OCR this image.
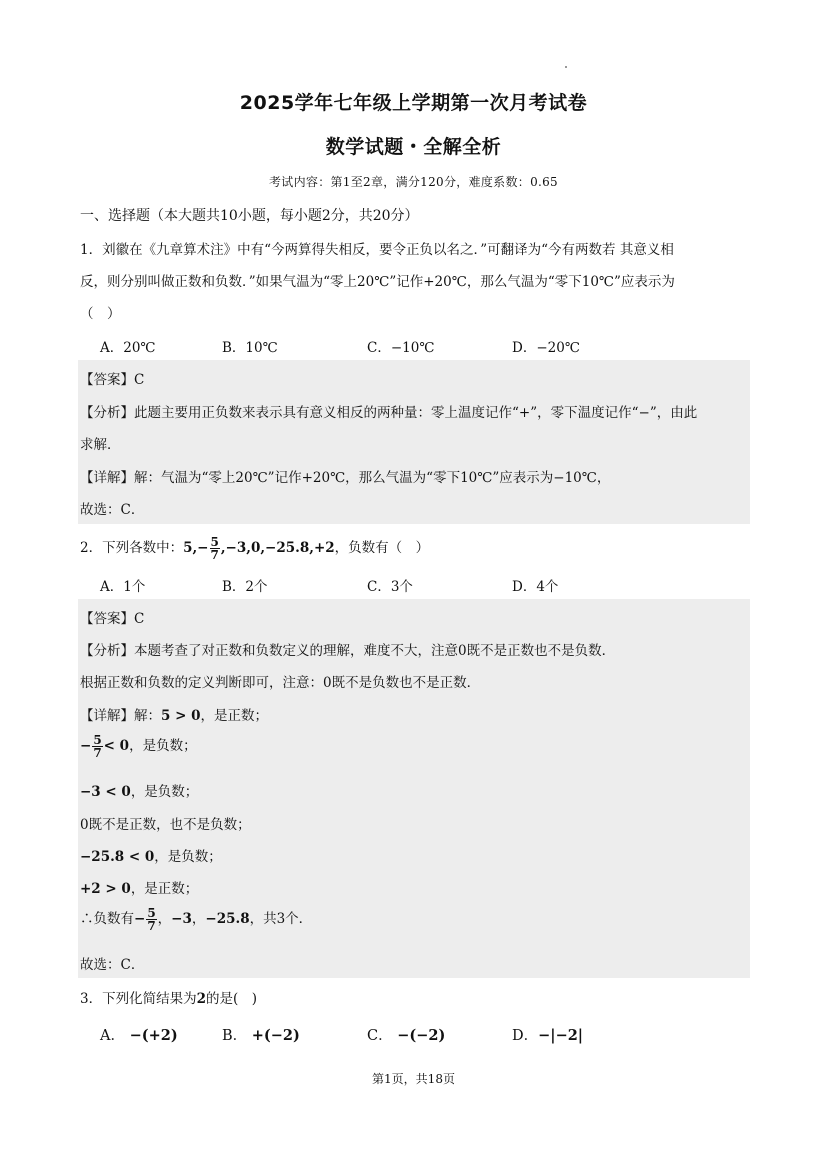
2025学年七年级上学期第一次月考试卷
数学试题・全解全析
考试内容：第1至2章，满分120分，难度系数：0.65
一、选择题（本大题共10小题，每小题2分，共20分）
1．刘徽在《九章算术注》中有“今两算得失相反，要令正负以名之．”可翻译为“今有两数若 其意义相
反，则分别叫做正数和负数．”如果气温为“零上20℃”记作+20℃，那么气温为“零下10℃”应表示为
（　）
A．20℃	B．10℃	C．−10℃	D．−20℃
【答案】C
【分析】此题主要用正负数来表示具有意义相反的两种量：零上温度记作“+”，零下温度记作“−”，由此
求解．
【详解】解：气温为“零上20℃”记作+20℃，那么气温为“零下10℃”应表示为−10℃，
故选：C．
2．下列各数中：$5,- \frac{5}{7} ,-3,0,-25.8,+2$，负数有（　）
A．1个	B．2个	C．3个	D．4个
【答案】C
【分析】本题考查了对正数和负数定义的理解，难度不大，注意0既不是正数也不是负数．
根据正数和负数的定义判断即可，注意：0既不是负数也不是正数．
【详解】解：5 > 0，是正数；
− $\frac{5}{7} < 0$，是负数；
−3 < 0，是负数；
0既不是正数，也不是负数；
−25.8 < 0，是负数；
+2 > 0，是正数；
∴负数有− $\frac{5}{7}$ ，−3，−25.8，共3个．
故选：C．
3．下列化简结果为2的是(　)
A． −(+2)	B． +(−2)	C． −(−2)	D．−|−2|
第1页，共18页
